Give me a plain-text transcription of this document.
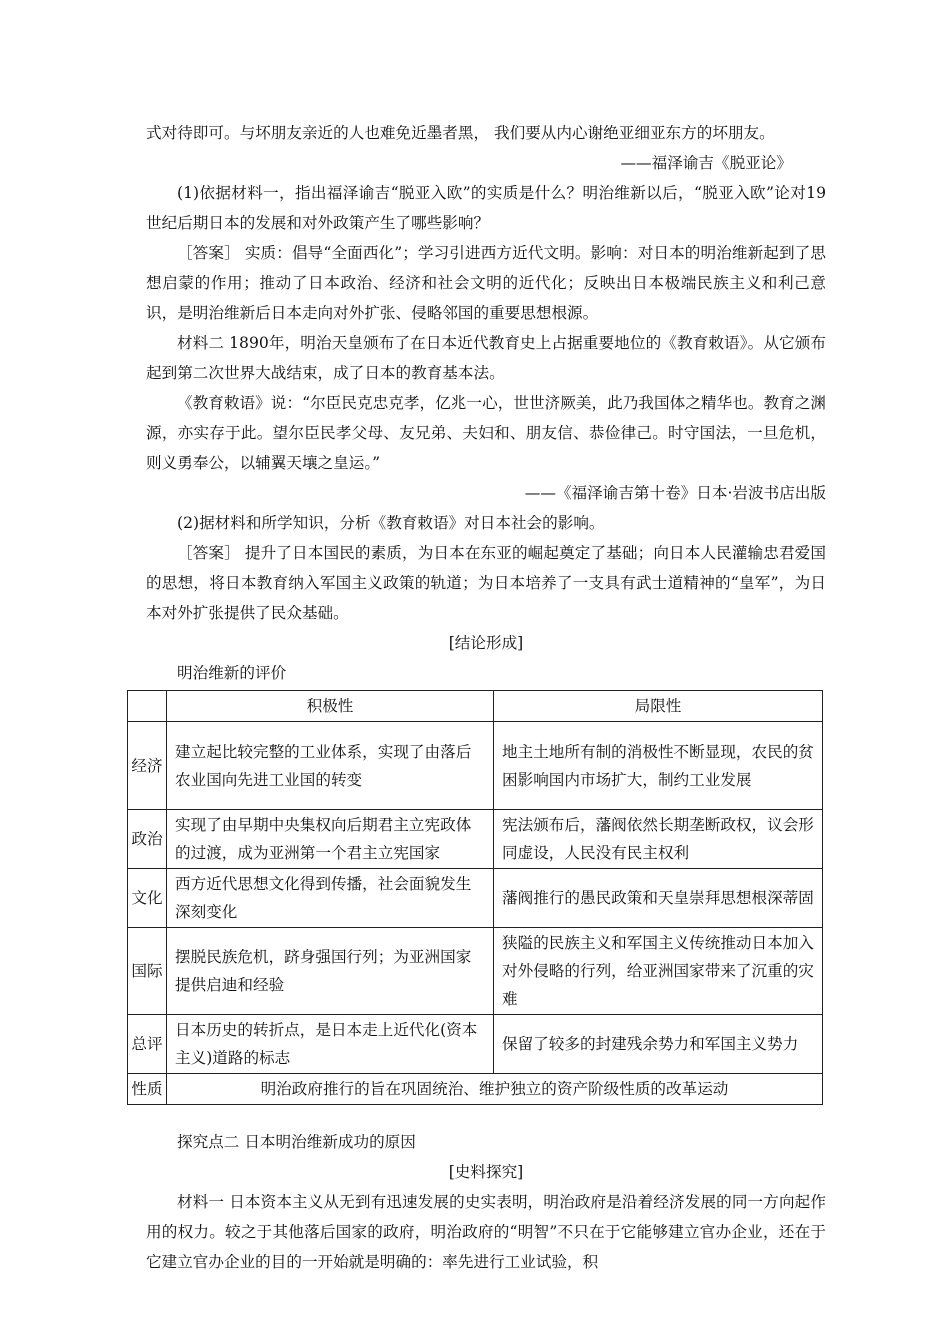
式对待即可。与坏朋友亲近的人也难免近墨者黑， 我们要从内心谢绝亚细亚东方的坏朋友。

——福泽谕吉《脱亚论》

(1)依据材料一，指出福泽谕吉“脱亚入欧”的实质是什么？明治维新以后，“脱亚入欧”论对19世纪后期日本的发展和对外政策产生了哪些影响？

［答案］ 实质：倡导“全面西化”；学习引进西方近代文明。影响：对日本的明治维新起到了思想启蒙的作用；推动了日本政治、经济和社会文明的近代化；反映出日本极端民族主义和利己意识，是明治维新后日本走向对外扩张、侵略邻国的重要思想根源。

材料二 1890年，明治天皇颁布了在日本近代教育史上占据重要地位的《教育敕语》。从它颁布起到第二次世界大战结束，成了日本的教育基本法。

《教育敕语》说：“尔臣民克忠克孝，亿兆一心，世世济厥美，此乃我国体之精华也。教育之渊源，亦实存于此。望尔臣民孝父母、友兄弟、夫妇和、朋友信、恭俭律己。时守国法，一旦危机，则义勇奉公，以辅翼天壤之皇运。”

——《福泽谕吉第十卷》日本·岩波书店出版

(2)据材料和所学知识，分析《教育敕语》对日本社会的影响。

［答案］ 提升了日本国民的素质，为日本在东亚的崛起奠定了基础；向日本人民灌输忠君爱国的思想，将日本教育纳入军国主义政策的轨道；为日本培养了一支具有武士道精神的“皇军”，为日本对外扩张提供了民众基础。

[结论形成]

明治维新的评价

	积极性	局限性
经济	建立起比较完整的工业体系，实现了由落后农业国向先进工业国的转变	地主土地所有制的消极性不断显现，农民的贫困影响国内市场扩大，制约工业发展
政治	实现了由早期中央集权向后期君主立宪政体的过渡，成为亚洲第一个君主立宪国家	宪法颁布后，藩阀依然长期垄断政权，议会形同虚设，人民没有民主权利
文化	西方近代思想文化得到传播，社会面貌发生深刻变化	藩阀推行的愚民政策和天皇崇拜思想根深蒂固
国际	摆脱民族危机，跻身强国行列；为亚洲国家提供启迪和经验	狭隘的民族主义和军国主义传统推动日本加入对外侵略的行列，给亚洲国家带来了沉重的灾难
总评	日本历史的转折点，是日本走上近代化(资本主义)道路的标志	保留了较多的封建残余势力和军国主义势力
性质	明治政府推行的旨在巩固统治、维护独立的资产阶级性质的改革运动	

探究点二 日本明治维新成功的原因

[史料探究]

材料一 日本资本主义从无到有迅速发展的史实表明，明治政府是沿着经济发展的同一方向起作用的权力。较之于其他落后国家的政府，明治政府的“明智”不只在于它能够建立官办企业，还在于它建立官办企业的目的一开始就是明确的：率先进行工业试验，积
